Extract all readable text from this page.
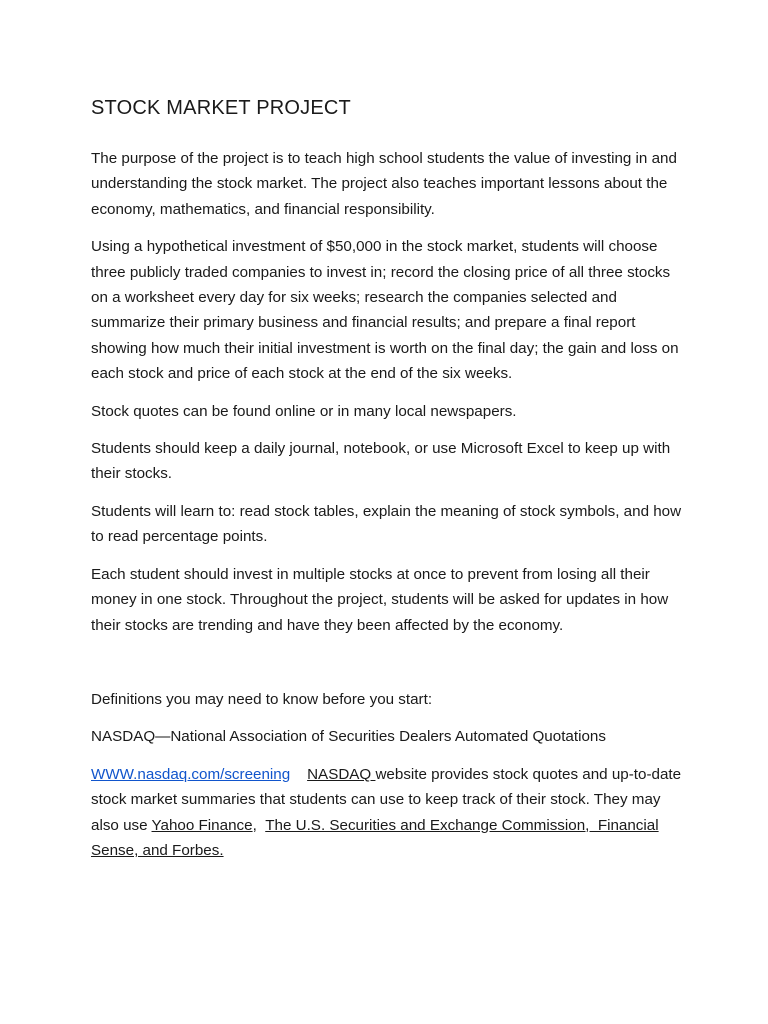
STOCK MARKET PROJECT

The purpose of the project is to teach high school students the value of investing in and understanding the stock market. The project also teaches important lessons about the economy, mathematics, and financial responsibility.

Using a hypothetical investment of $50,000 in the stock market, students will choose three publicly traded companies to invest in; record the closing price of all three stocks on a worksheet every day for six weeks; research the companies selected and summarize their primary business and financial results; and prepare a final report showing how much their initial investment is worth on the final day; the gain and loss on each stock and price of each stock at the end of the six weeks.

Stock quotes can be found online or in many local newspapers.

Students should keep a daily journal, notebook, or use Microsoft Excel to keep up with their stocks.

Students will learn to: read stock tables, explain the meaning of stock symbols, and how to read percentage points.

Each student should invest in multiple stocks at once to prevent from losing all their money in one stock. Throughout the project, students will be asked for updates in how their stocks are trending and have they been affected by the economy.

Definitions you may need to know before you start:

NASDAQ—National Association of Securities Dealers Automated Quotations

WWW.nasdaq.com/screening NASDAQ website provides stock quotes and up-to-date stock market summaries that students can use to keep track of their stock. They may also use Yahoo Finance,  The U.S. Securities and Exchange Commission,  Financial Sense, and Forbes.
